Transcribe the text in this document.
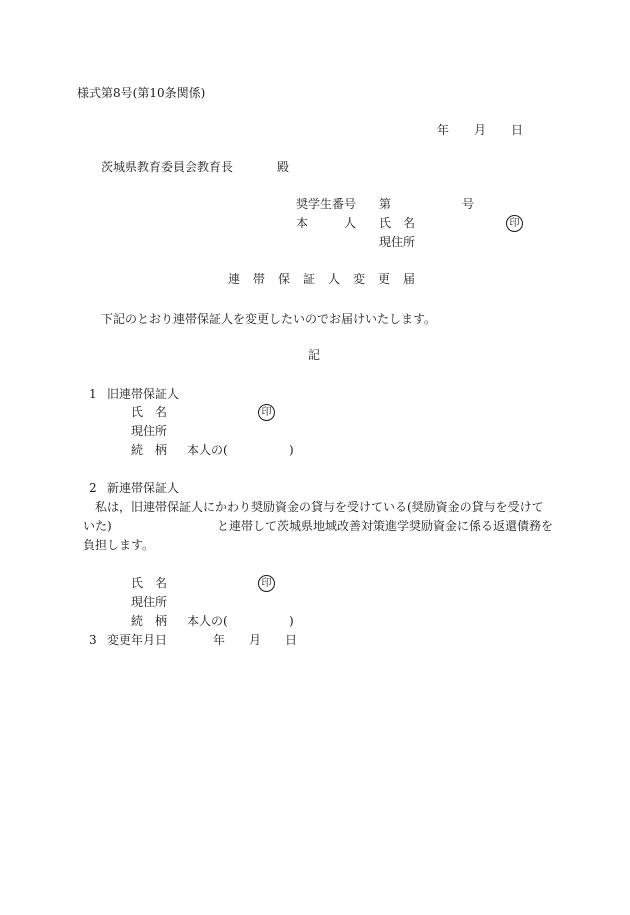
様式第8号(第10条関係)
年 月 日
茨城県教育委員会教育長	殿
奨学生番号 第	号
本	人 氏 名	印
現住所
連帯保証人変更届
下記のとおり連帯保証人を変更したいのでお届けいたします。
記
1 旧連帯保証人
氏 名	印
現住所
続 柄 本人の(	)
2 新連帯保証人
私は，旧連帯保証人にかわり奨励資金の貸与を受けている(奨励資金の貸与を受けて
いた)	と連帯して茨城県地域改善対策進学奨励資金に係る返還債務を
負担します。
氏 名	印
現住所
続 柄 本人の(	)
3 変更年月日	年 月 日
